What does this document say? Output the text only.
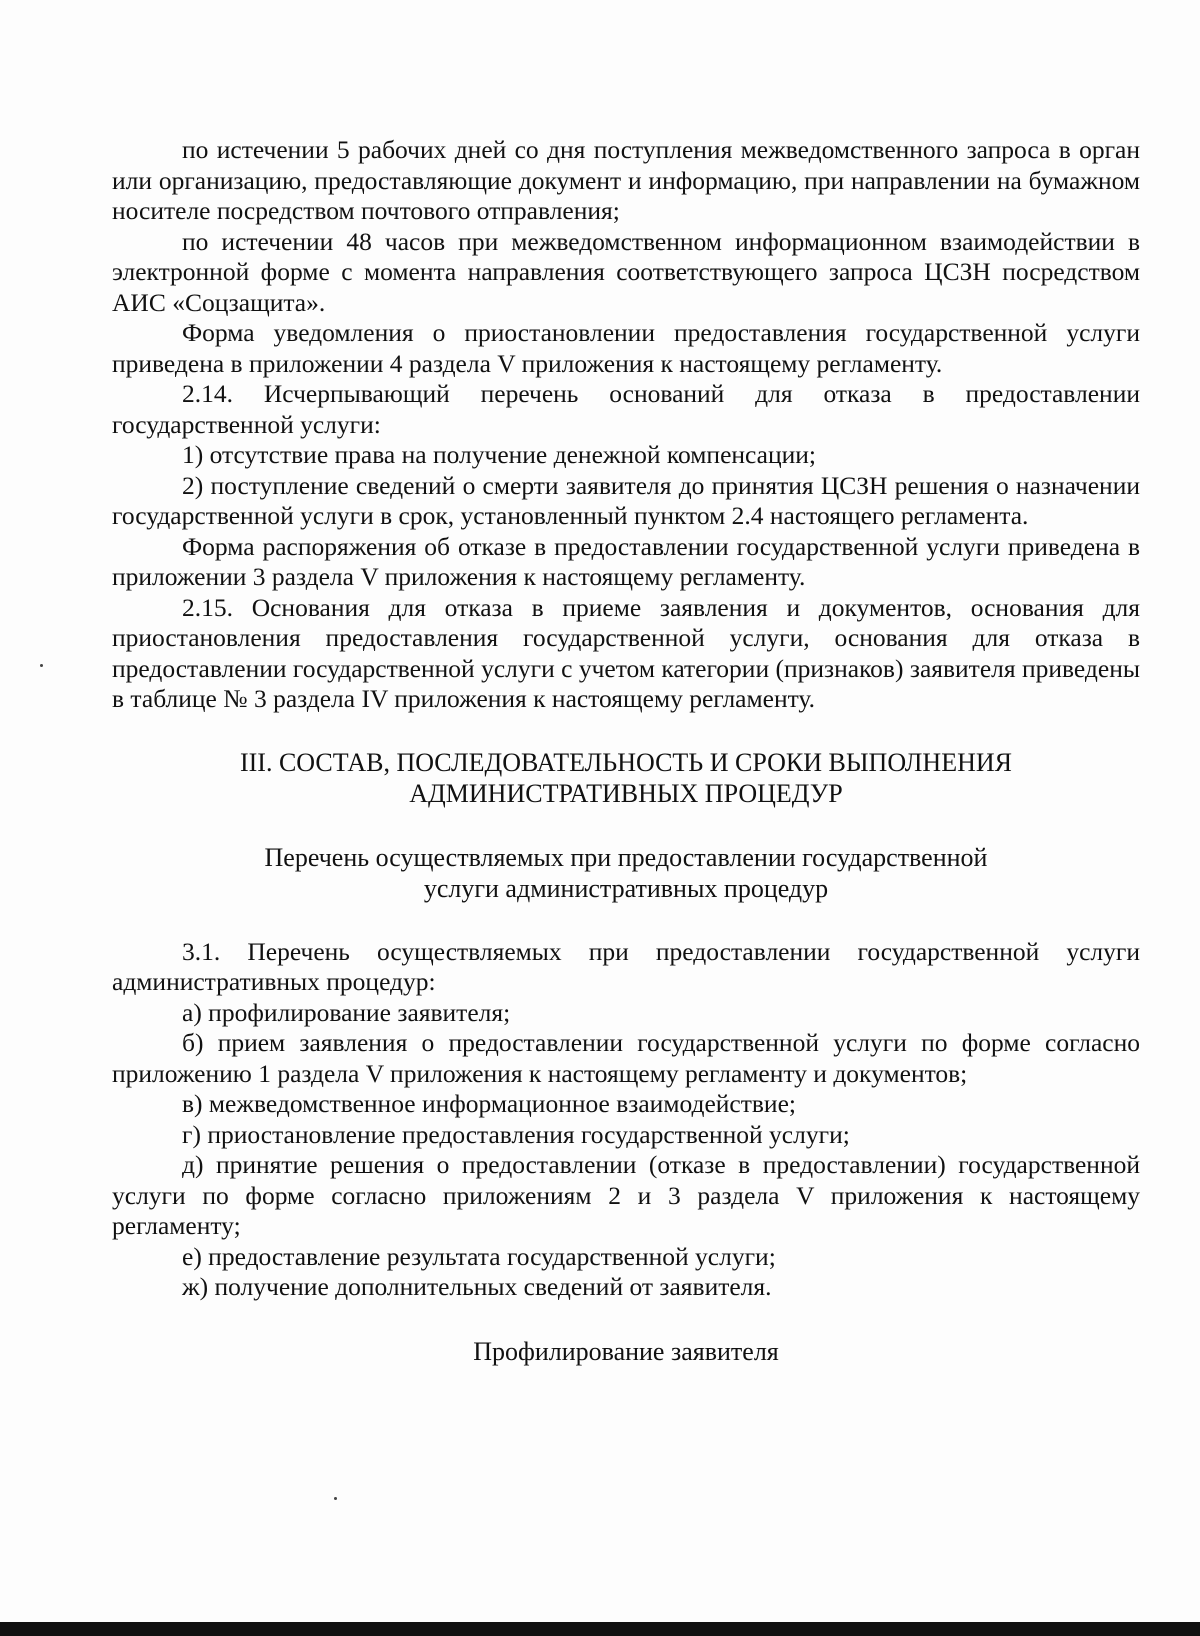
по истечении 5 рабочих дней со дня поступления межведомственного запроса в орган или организацию, предоставляющие документ и информацию, при направлении на бумажном носителе посредством почтового отправления;

по истечении 48 часов при межведомственном информационном взаимодействии в электронной форме с момента направления соответствующего запроса ЦСЗН посредством АИС «Соцзащита».

Форма уведомления о приостановлении предоставления государственной услуги приведена в приложении 4 раздела V приложения к настоящему регламенту.

2.14. Исчерпывающий перечень оснований для отказа в предоставлении государственной услуги:

1) отсутствие права на получение денежной компенсации;

2) поступление сведений о смерти заявителя до принятия ЦСЗН решения о назначении государственной услуги в срок, установленный пунктом 2.4 настоящего регламента.

Форма распоряжения об отказе в предоставлении государственной услуги приведена в приложении 3 раздела V приложения к настоящему регламенту.

2.15. Основания для отказа в приеме заявления и документов, основания для приостановления предоставления государственной услуги, основания для отказа в предоставлении государственной услуги с учетом категории (признаков) заявителя приведены в таблице № 3 раздела IV приложения к настоящему регламенту.

III. СОСТАВ, ПОСЛЕДОВАТЕЛЬНОСТЬ И СРОКИ ВЫПОЛНЕНИЯ
АДМИНИСТРАТИВНЫХ ПРОЦЕДУР
Перечень осуществляемых при предоставлении государственной
услуги административных процедур

3.1. Перечень осуществляемых при предоставлении государственной услуги административных процедур:

а) профилирование заявителя;

б) прием заявления о предоставлении государственной услуги по форме согласно приложению 1 раздела V приложения к настоящему регламенту и документов;

в) межведомственное информационное взаимодействие;

г) приостановление предоставления государственной услуги;

д) принятие решения о предоставлении (отказе в предоставлении) государственной услуги по форме согласно приложениям 2 и 3 раздела V приложения к настоящему регламенту;

е) предоставление результата государственной услуги;

ж) получение дополнительных сведений от заявителя.

Профилирование заявителя
